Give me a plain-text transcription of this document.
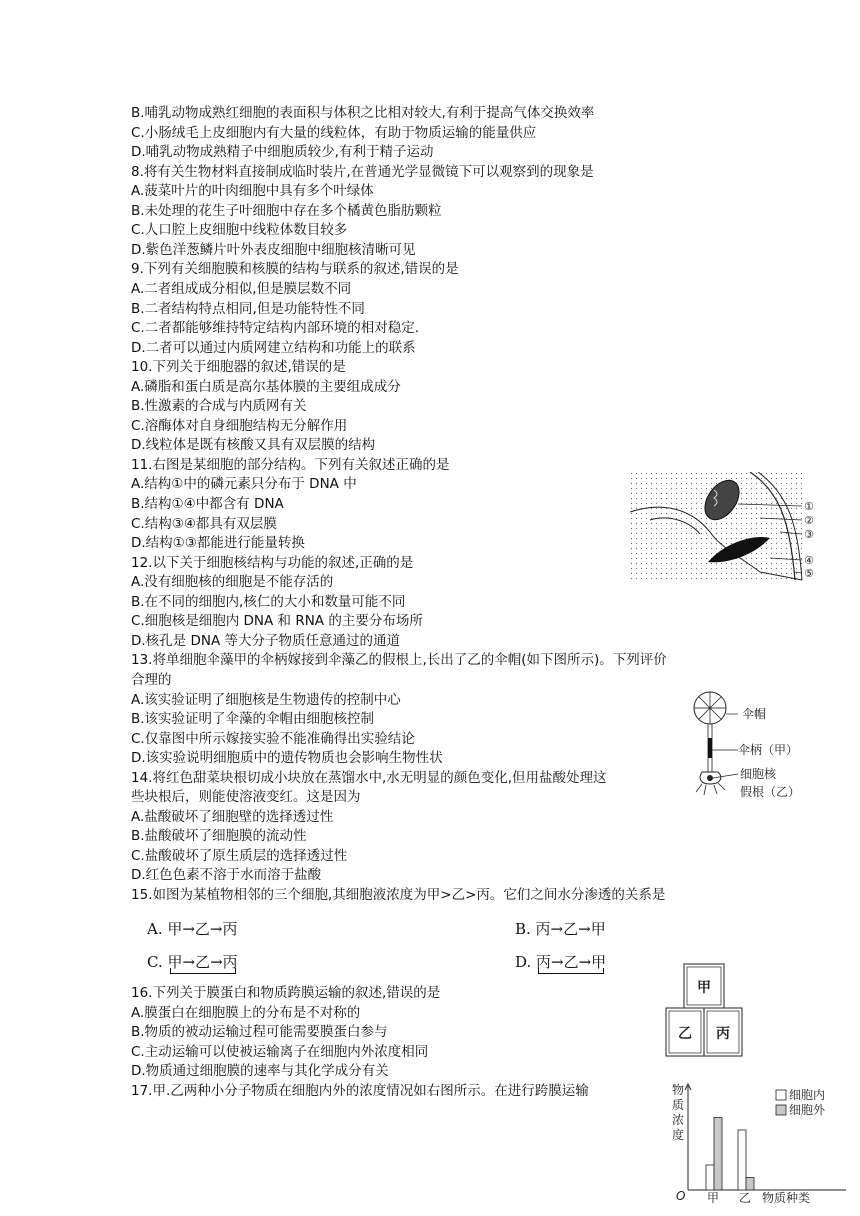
B.哺乳动物成熟红细胞的表面积与体积之比相对较大,有利于提高气体交换效率
C.小肠绒毛上皮细胞内有大量的线粒体，有助于物质运输的能量供应
D.哺乳动物成熟精子中细胞质较少,有利于精子运动
8.将有关生物材料直接制成临时装片,在普通光学显微镜下可以观察到的现象是
A.菠菜叶片的叶肉细胞中具有多个叶绿体
B.未处理的花生子叶细胞中存在多个橘黄色脂肪颗粒
C.人口腔上皮细胞中线粒体数目较多
D.紫色洋葱鳞片叶外表皮细胞中细胞核清晰可见
9.下列有关细胞膜和核膜的结构与联系的叙述,错误的是
A.二者组成成分相似,但是膜层数不同
B.二者结构特点相同,但是功能特性不同
C.二者都能够维持特定结构内部环境的相对稳定.
D.二者可以通过内质网建立结构和功能上的联系
10.下列关于细胞器的叙述,错误的是
A.磷脂和蛋白质是高尔基体膜的主要组成成分
B.性激素的合成与内质网有关
C.溶酶体对自身细胞结构无分解作用
D.线粒体是既有核酸又具有双层膜的结构
11.右图是某细胞的部分结构。下列有关叙述正确的是
A.结构①中的磷元素只分布于 DNA 中
B.结构①④中都含有 DNA
C.结构③④都具有双层膜
D.结构①③都能进行能量转换
12.以下关于细胞核结构与功能的叙述,正确的是
A.没有细胞核的细胞是不能存活的
B.在不同的细胞内,核仁的大小和数量可能不同
C.细胞核是细胞内 DNA 和 RNA 的主要分布场所
D.核孔是 DNA 等大分子物质任意通过的通道
13.将单细胞伞藻甲的伞柄嫁接到伞藻乙的假根上,长出了乙的伞帽(如下图所示)。下列评价
合理的
A.该实验证明了细胞核是生物遗传的控制中心
B.该实验证明了伞藻的伞帽由细胞核控制
C.仅靠图中所示嫁接实验不能准确得出实验结论
D.该实验说明细胞质中的遗传物质也会影响生物性状
14.将红色甜菜块根切成小块放在蒸馏水中,水无明显的颜色变化,但用盐酸处理这
些块根后，则能使溶液变红。这是因为
A.盐酸破坏了细胞壁的选择透过性
B.盐酸破坏了细胞膜的流动性
C.盐酸破坏了原生质层的选择透过性
D.红色色素不溶于水而溶于盐酸
15.如图为某植物相邻的三个细胞,其细胞液浓度为甲>乙>丙。它们之间水分渗透的关系是
A. 甲→乙→丙	B. 丙→乙→甲
C. 甲→乙→丙	D. 丙→乙→甲
16.下列关于膜蛋白和物质跨膜运输的叙述,错误的是
A.膜蛋白在细胞膜上的分布是不对称的
B.物质的被动运输过程可能需要膜蛋白参与
C.主动运输可以使被运输离子在细胞内外浓度相同
D.物质通过细胞膜的速率与其化学成分有关
17.甲.乙两种小分子物质在细胞内外的浓度情况如右图所示。在进行跨膜运输
①
②
③
④
⑤
伞帽
伞柄（甲）
细胞核
假根（乙）
甲
乙 丙
物
质
浓
度
O	物质种类
细胞内
细胞外
甲 乙
